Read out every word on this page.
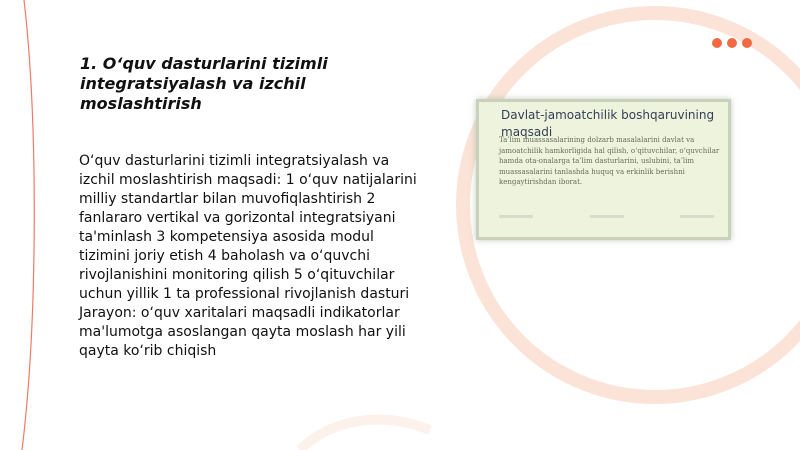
1. O‘quv dasturlarini tizimli integratsiyalash va izchil moslashtirish

O‘quv dasturlarini tizimli integratsiyalash va izchil moslashtirish maqsadi: 1 o‘quv natijalarini milliy standartlar bilan muvofiqlashtirish 2 fanlararo vertikal va gorizontal integratsiyani ta'minlash 3 kompetensiya asosida modul tizimini joriy etish 4 baholash va o‘quvchi rivojlanishini monitoring qilish 5 o‘qituvchilar uchun yillik 1 ta professional rivojlanish dasturi Jarayon: o‘quv xaritalari maqsadli indikatorlar ma'lumotga asoslangan qayta moslash har yili qayta ko‘rib chiqish

Davlat-jamoatchilik boshqaruvining maqsadi
Ta’lim muassasalarining dolzarb masalalarini davlat va jamoatchilik hamkorligida hal qilish, o‘qituvchilar, o‘quvchilar hamda ota-onalarga ta’lim dasturlarini, uslubini, ta’lim muassasalarini tanlashda huquq va erkinlik berishni kengaytirishdan iborat.
